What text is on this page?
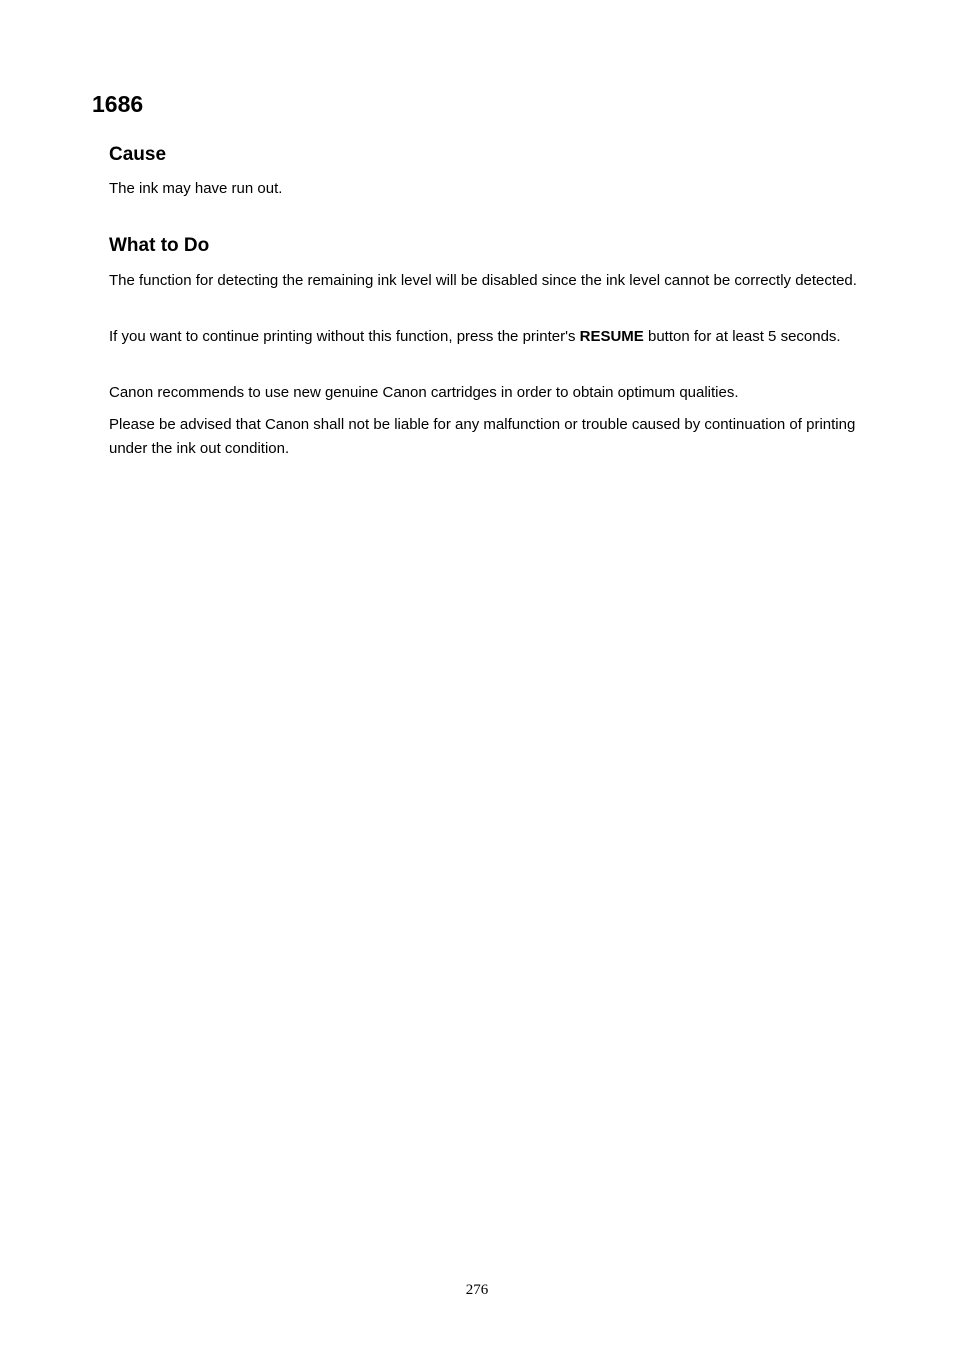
1686
Cause

The ink may have run out.

What to Do

The function for detecting the remaining ink level will be disabled since the ink level cannot be correctly detected.

If you want to continue printing without this function, press the printer's RESUME button for at least 5 seconds.

Canon recommends to use new genuine Canon cartridges in order to obtain optimum qualities.

Please be advised that Canon shall not be liable for any malfunction or trouble caused by continuation of printing under the ink out condition.

276
